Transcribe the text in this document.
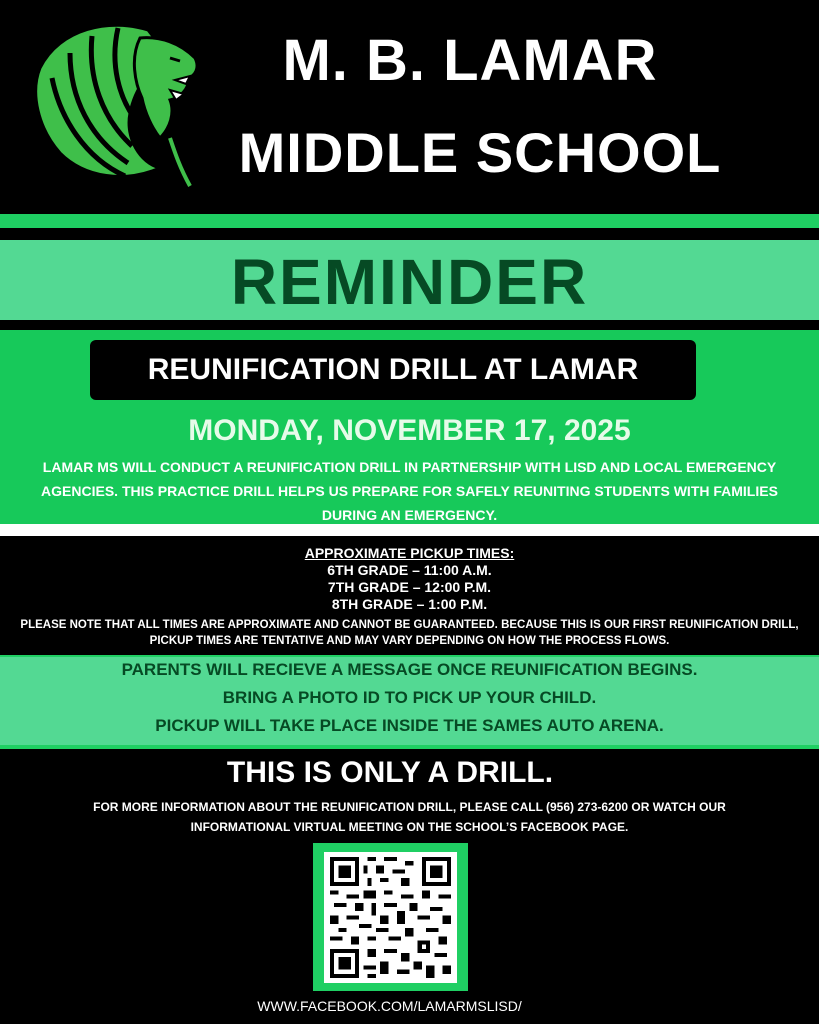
M. B. LAMAR
MIDDLE SCHOOL
REMINDER
REUNIFICATION DRILL AT LAMAR
MONDAY, NOVEMBER 17, 2025
LAMAR MS WILL CONDUCT A REUNIFICATION DRILL IN PARTNERSHIP WITH LISD AND LOCAL EMERGENCY AGENCIES. THIS PRACTICE DRILL HELPS US PREPARE FOR SAFELY REUNITING STUDENTS WITH FAMILIES DURING AN EMERGENCY.
APPROXIMATE PICKUP TIMES:
6TH GRADE – 11:00 A.M.
7TH GRADE – 12:00 P.M.
8TH GRADE – 1:00 P.M.
PLEASE NOTE THAT ALL TIMES ARE APPROXIMATE AND CANNOT BE GUARANTEED. BECAUSE THIS IS OUR FIRST REUNIFICATION DRILL, PICKUP TIMES ARE TENTATIVE AND MAY VARY DEPENDING ON HOW THE PROCESS FLOWS.
PARENTS WILL RECIEVE A MESSAGE ONCE REUNIFICATION BEGINS.
BRING A PHOTO ID TO PICK UP YOUR CHILD.
PICKUP WILL TAKE PLACE INSIDE THE SAMES AUTO ARENA.
THIS IS ONLY A DRILL.
FOR MORE INFORMATION ABOUT THE REUNIFICATION DRILL, PLEASE CALL (956) 273-6200 OR WATCH OUR INFORMATIONAL VIRTUAL MEETING ON THE SCHOOL’S FACEBOOK PAGE.
WWW.FACEBOOK.COM/LAMARMSLISD/
